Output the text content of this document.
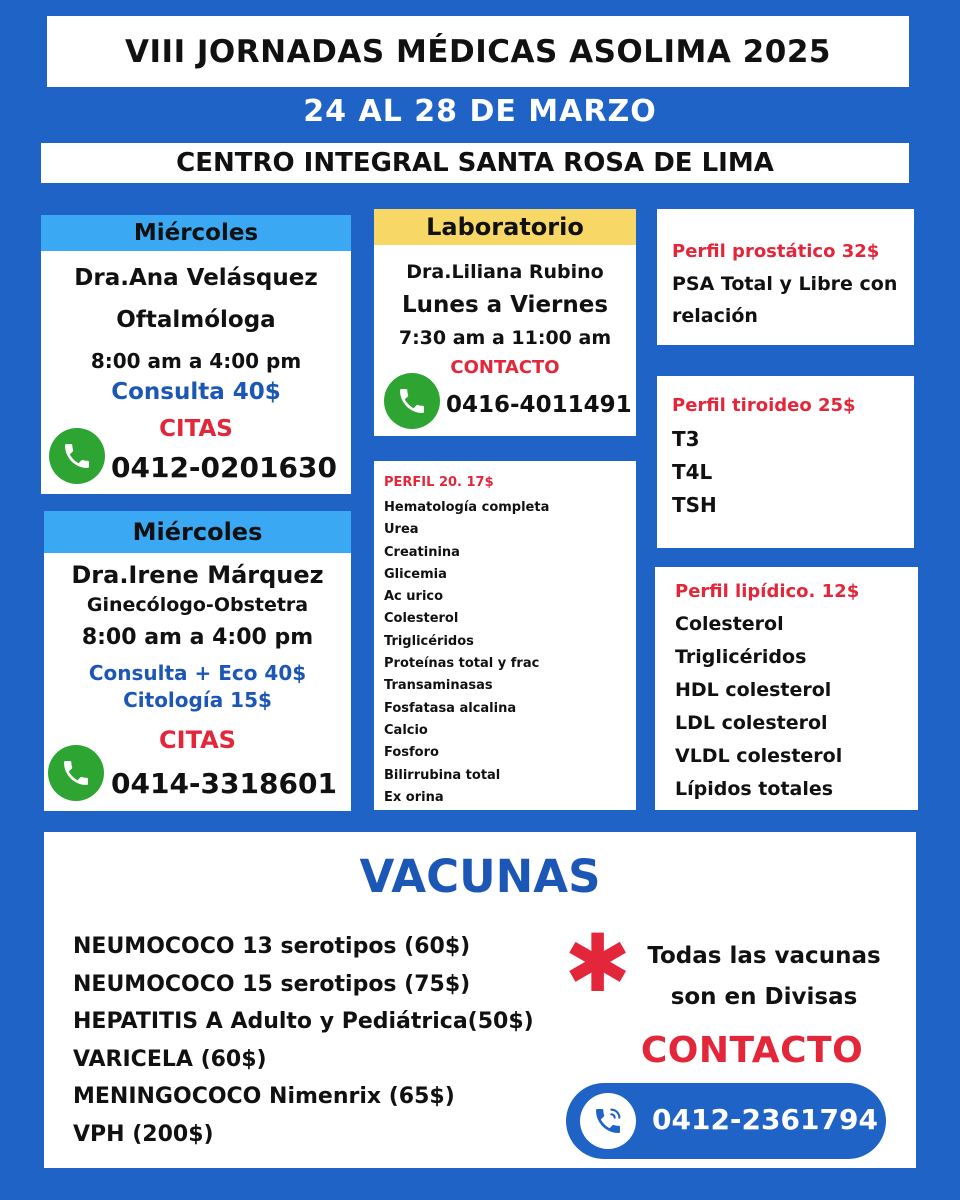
VIII JORNADAS MÉDICAS ASOLIMA 2025
24 AL 28 DE MARZO
CENTRO INTEGRAL SANTA ROSA DE LIMA
Miércoles
Dra.Ana Velásquez
Oftalmóloga
8:00 am a 4:00 pm
Consulta 40$
CITAS
0412-0201630
Miércoles
Dra.Irene Márquez
Ginecólogo-Obstetra
8:00 am a 4:00 pm
Consulta + Eco 40$
Citología 15$
CITAS
0414-3318601
Laboratorio
Dra.Liliana Rubino
Lunes a Viernes
7:30 am a 11:00 am
CONTACTO
0416-4011491
PERFIL 20. 17$
Hematología completa
Urea
Creatinina
Glicemia
Ac urico
Colesterol
Triglicéridos
Proteínas total y frac
Transaminasas
Fosfatasa alcalina
Calcio
Fosforo
Bilirrubina total
Ex orina
Perfil prostático 32$
PSA Total y Libre con
relación
Perfil tiroideo 25$
T3
T4L
TSH
Perfil lipídico. 12$
Colesterol
Triglicéridos
HDL colesterol
LDL colesterol
VLDL colesterol
Lípidos totales
VACUNAS
NEUMOCOCO 13 serotipos (60$)
NEUMOCOCO 15 serotipos (75$)
HEPATITIS A Adulto y Pediátrica(50$)
VARICELA (60$)
MENINGOCOCO Nimenrix (65$)
VPH (200$)
✱ Todas las vacunas
son en Divisas
CONTACTO
0412-2361794
